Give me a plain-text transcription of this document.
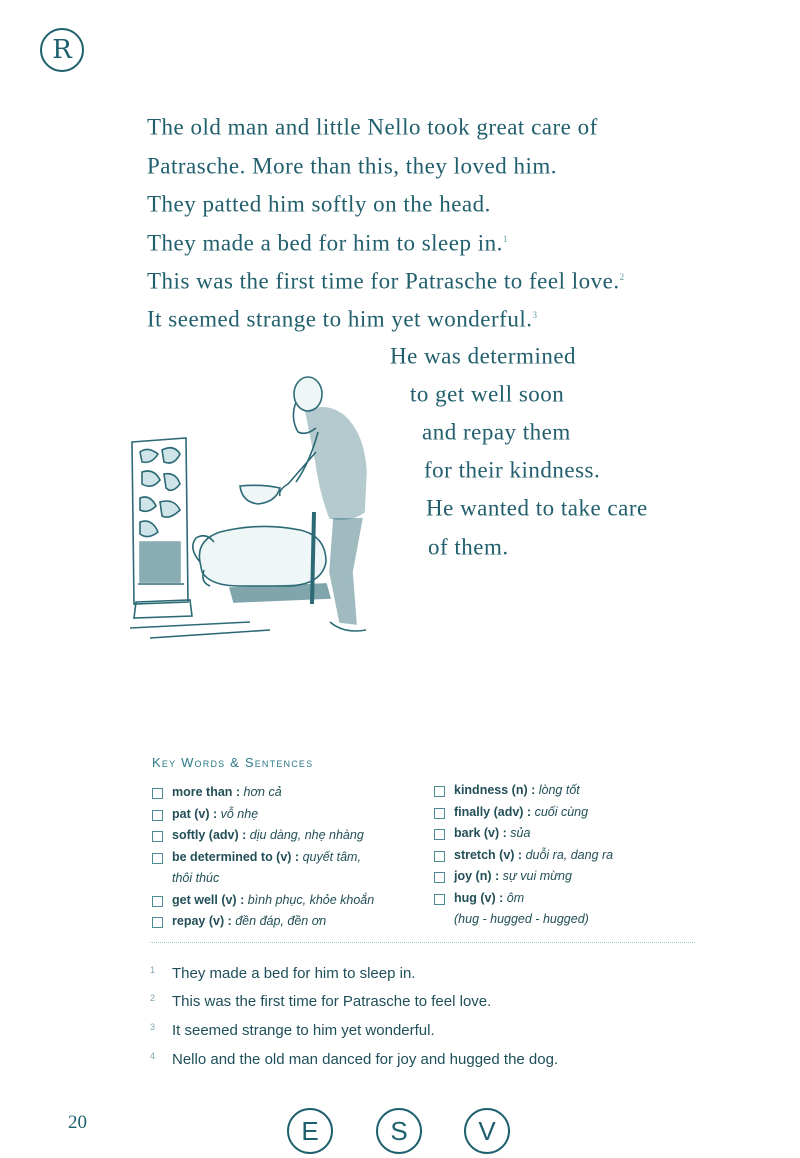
R
The old man and little Nello took great care of
Patrasche. More than this, they loved him.
They patted him softly on the head.
They made a bed for him to sleep in.$^1$
This was the first time for Patrasche to feel love.$^2$
It seemed strange to him yet wonderful.$^3$
He was determined
to get well soon
and repay them
for their kindness.
He wanted to take care
of them.
Key Words & Sentences
more than : hơn cả
pat (v) : vỗ nhẹ
softly (adv) : dịu dàng, nhẹ nhàng
be determined to (v) : quyết tâm,
thôi thúc
get well (v) : bình phục, khỏe khoắn
repay (v) : đền đáp, đền ơn
kindness (n) : lòng tốt
finally (adv) : cuối cùng
bark (v) : sủa
stretch (v) : duỗi ra, dang ra
joy (n) : sự vui mừng
hug (v) : ôm
(hug - hugged - hugged)
1 They made a bed for him to sleep in.
2 This was the first time for Patrasche to feel love.
3 It seemed strange to him yet wonderful.
4 Nello and the old man danced for joy and hugged the dog.
20	E	S	V
